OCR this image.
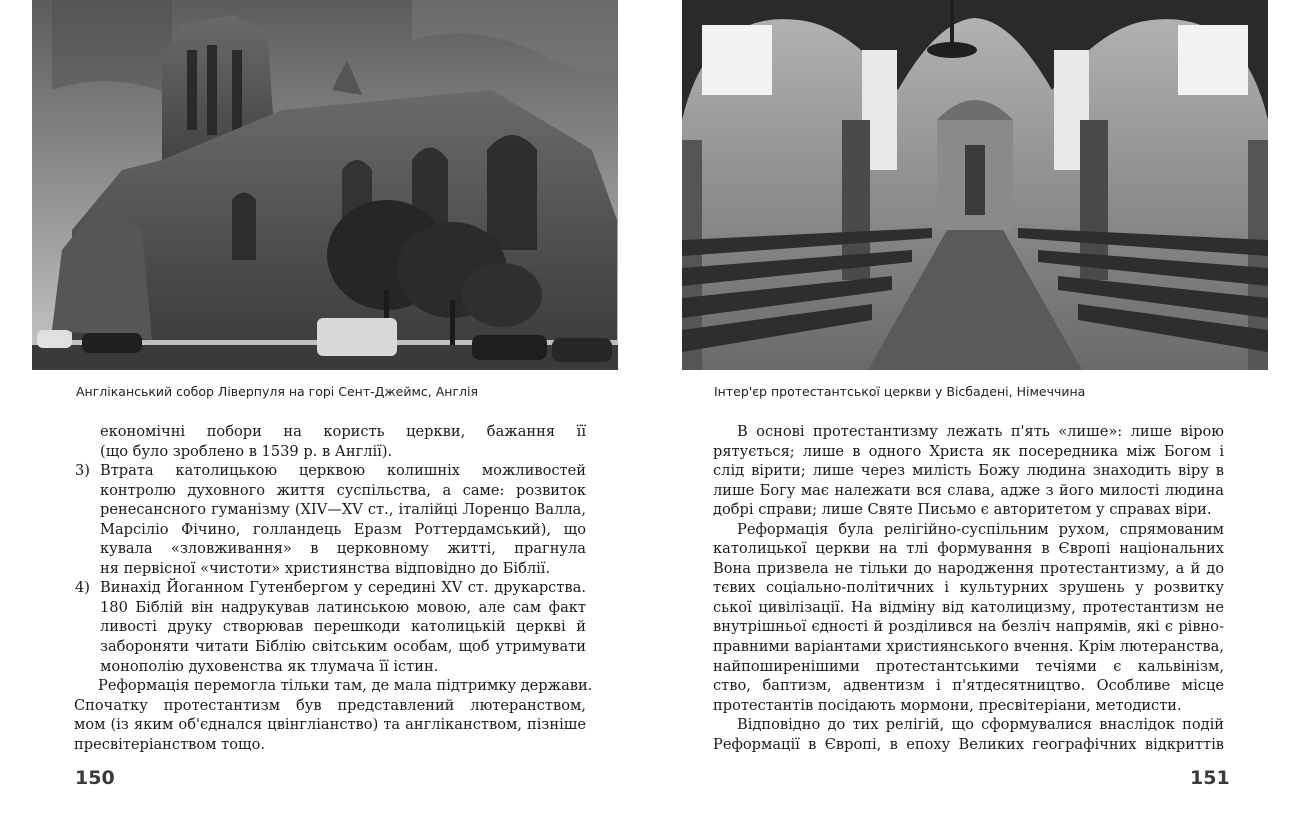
Англіканський собор Ліверпуля на горі Сент-Джеймс, Англія	Інтер'єр протестантської церкви у Вісбадені, Німеччина
економічні побори на користь церкви, бажання її
(що було зроблено в 1539 р. в Англії).
3) Втрата католицькою церквою колишніх можливостей
контролю духовного життя суспільства, а саме: розвиток
ренесансного гуманізму (XIV—XV ст., італійці Лоренцо Валла,
Марсіліо Фічино, голландець Еразм Роттердамський), що
кувала «зловживання» в церковному житті, прагнула
ня первісної «чистоти» християнства відповідно до Біблії.
4) Винахід Йоганном Гутенбергом у середині XV ст. друкарства.
180 Біблій він надрукував латинською мовою, але сам факт
ливості друку створював перешкоди католицькій церкві й
забороняти читати Біблію світським особам, щоб утримувати
монополію духовенства як тлумача її істин.
Реформація перемогла тільки там, де мала підтримку держави.
Спочатку протестантизм був представлений лютеранством,
мом (із яким об'єднался цвінгліанство) та англіканством, пізніше
пресвітеріанством тощо.
В основі протестантизму лежать п'ять «лише»: лише вірою
рятується; лише в одного Христа як посередника між Богом і
слід вірити; лише через милість Божу людина знаходить віру в
лише Богу має належати вся слава, адже з його милості людина
добрі справи; лише Святе Письмо є авторитетом у справах віри.
Реформація була релігійно-суспільним рухом, спрямованим
католицької церкви на тлі формування в Європі національних
Вона призвела не тільки до народження протестантизму, а й до
тєвих соціально-політичних і культурних зрушень у розвитку
ської цивілізації. На відміну від католицизму, протестантизм не
внутрішньої єдності й розділився на безліч напрямів, які є рівно-
правними варіантами християнського вчення. Крім лютеранства,
найпоширенішими протестантськими течіями є кальвінізм,
ство, баптизм, адвентизм і п'ятдесятництво. Особливе місце
протестантів посідають мормони, пресвітеріани, методисти.
Відповідно до тих релігій, що сформувалися внаслідок подій
Реформації в Європі, в епоху Великих географічних відкриттів
150	151
